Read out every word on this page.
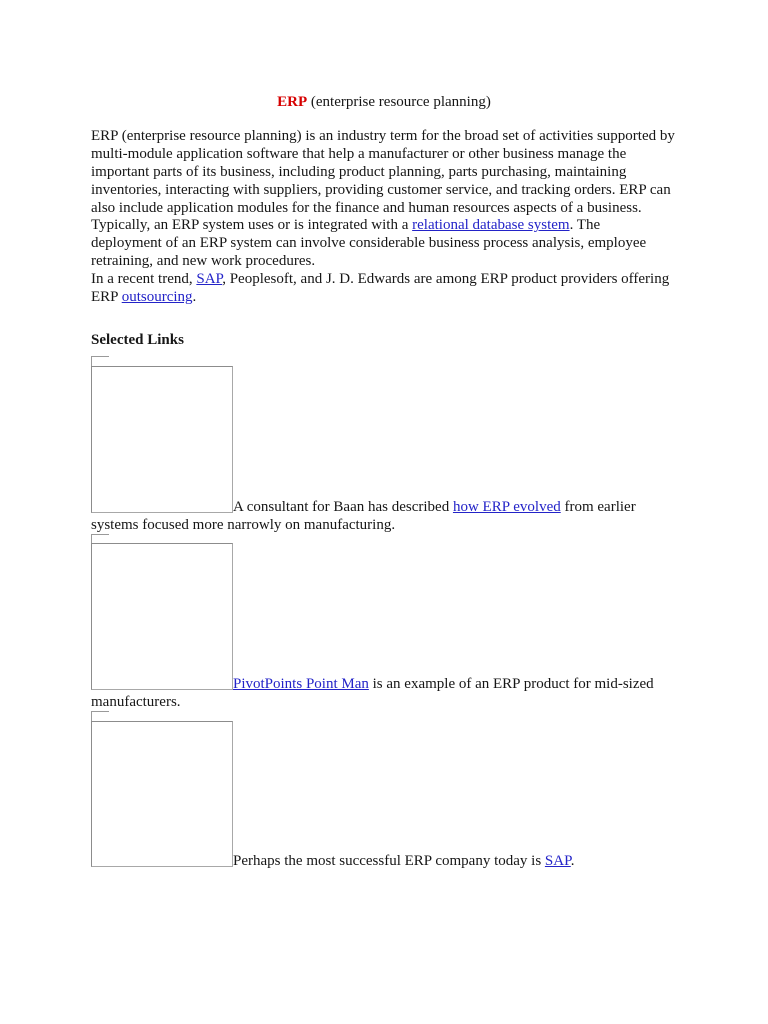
ERP (enterprise resource planning)
ERP (enterprise resource planning) is an industry term for the broad set of activities supported by
multi-module application software that help a manufacturer or other business manage the
important parts of its business, including product planning, parts purchasing, maintaining
inventories, interacting with suppliers, providing customer service, and tracking orders. ERP can
also include application modules for the finance and human resources aspects of a business.
Typically, an ERP system uses or is integrated with a relational database system. The
deployment of an ERP system can involve considerable business process analysis, employee
retraining, and new work procedures.
In a recent trend, SAP, Peoplesoft, and J. D. Edwards are among ERP product providers offering
ERP outsourcing.
Selected Links
A consultant for Baan has described how ERP evolved from earlier
systems focused more narrowly on manufacturing.
PivotPoints Point Man is an example of an ERP product for mid-sized
manufacturers.
Perhaps the most successful ERP company today is SAP.
